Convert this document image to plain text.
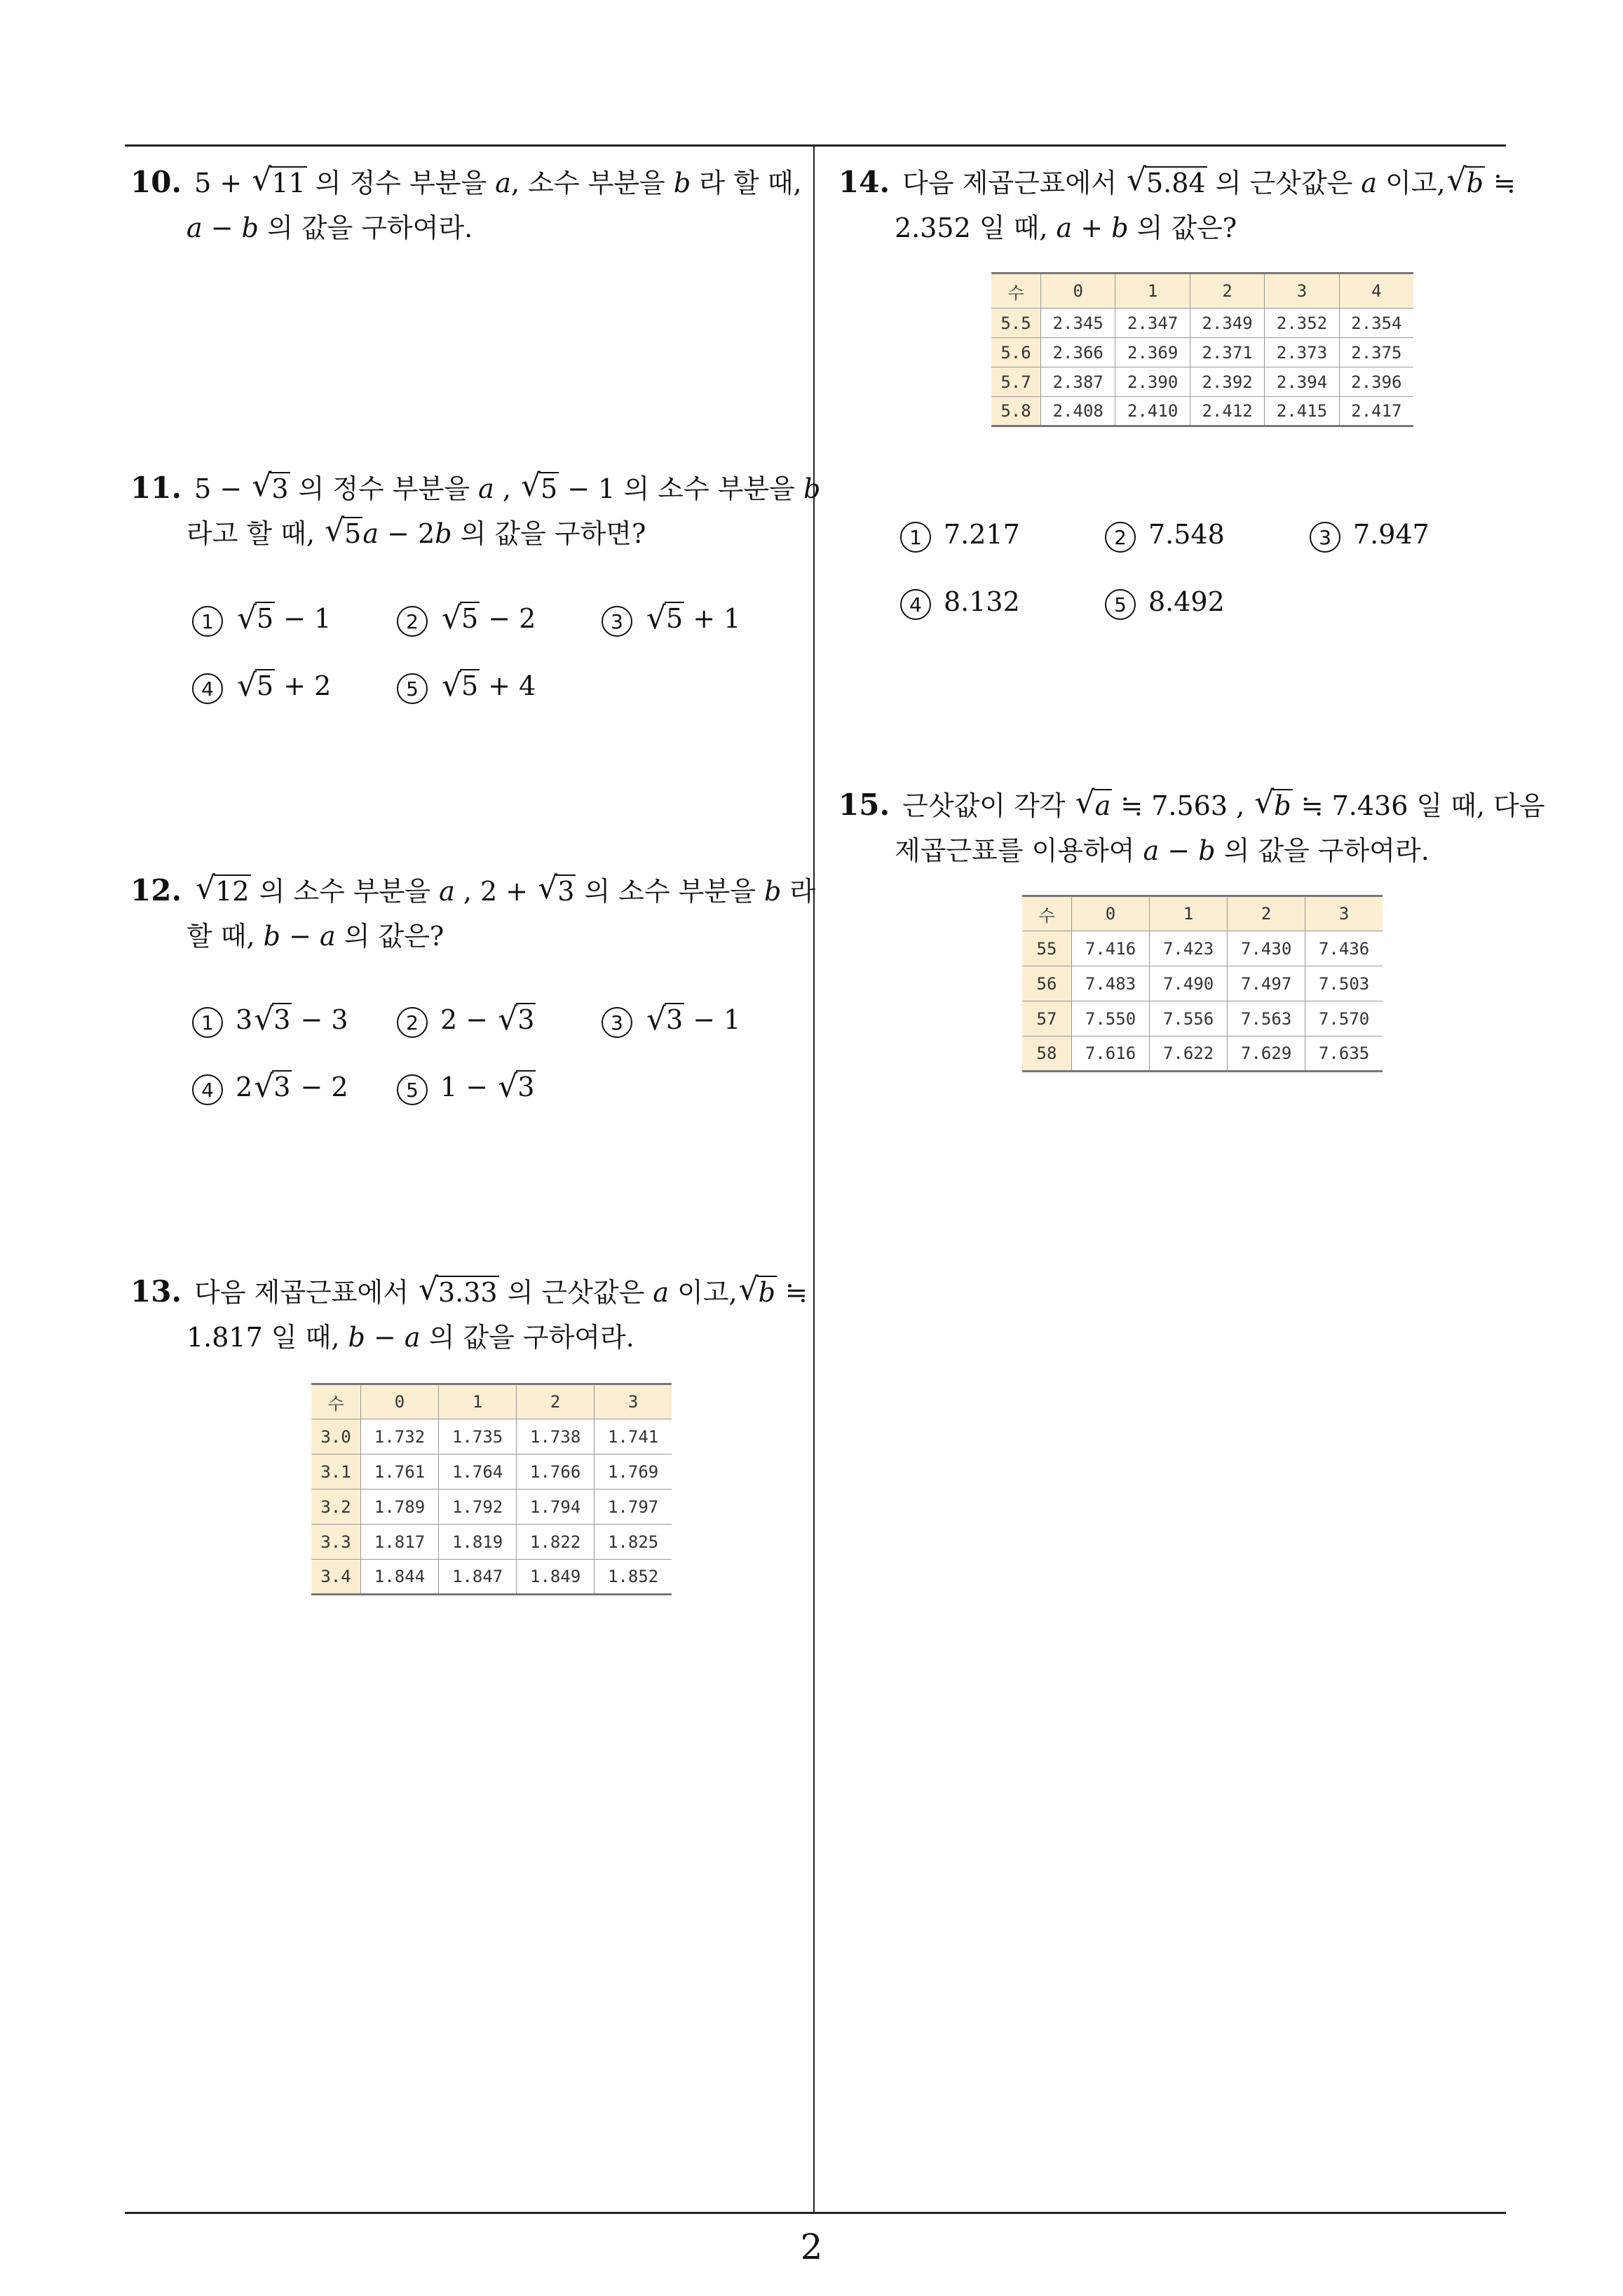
10. 5 + √ 11 의 정수 부분을 a, 소수 부분을 b 라 할 때,
a − b 의 값을 구하여라.
11. 5 − √ 3 의 정수 부분을 a , √ 5 − 1 의 소수 부분을 b
라고 할 때, √ 5a − 2b 의 값을 구하면?
1 √ 5 − 1	2 √ 5 − 2	3 √ 5 + 1
4 √ 5 + 2	5 √ 5 + 4
12. √ 12 의 소수 부분을 a , 2 + √ 3 의 소수 부분을 b 라
할 때, b − a 의 값은?
1 3 √ 3 − 3	2 2 − √ 3	3 √ 3 − 1
4 2 √ 3 − 2	5 1 − √ 3
13. 다음 제곱근표에서 √ 3.33 의 근삿값은 a 이고, √ b ≒
1.817 일 때, b − a 의 값을 구하여라.
수	0	1	2	3
3.0	1.732	1.735	1.738	1.741
3.1	1.761	1.764	1.766	1.769
3.2	1.789	1.792	1.794	1.797
3.3	1.817	1.819	1.822	1.825
3.4	1.844	1.847	1.849	1.852
14. 다음 제곱근표에서 √ 5.84 의 근삿값은 a 이고, √ b ≒
2.352 일 때, a + b 의 값은?
수	0	1	2	3	4
5.5	2.345	2.347	2.349	2.352	2.354
5.6	2.366	2.369	2.371	2.373	2.375
5.7	2.387	2.390	2.392	2.394	2.396
5.8	2.408	2.410	2.412	2.415	2.417
1 7.217	2 7.548	3 7.947
4 8.132	5 8.492
15. 근삿값이 각각 √ a ≒ 7.563 , √ b ≒ 7.436 일 때, 다음
제곱근표를 이용하여 a − b 의 값을 구하여라.
수	0	1	2	3
55	7.416	7.423	7.430	7.436
56	7.483	7.490	7.497	7.503
57	7.550	7.556	7.563	7.570
58	7.616	7.622	7.629	7.635
2
